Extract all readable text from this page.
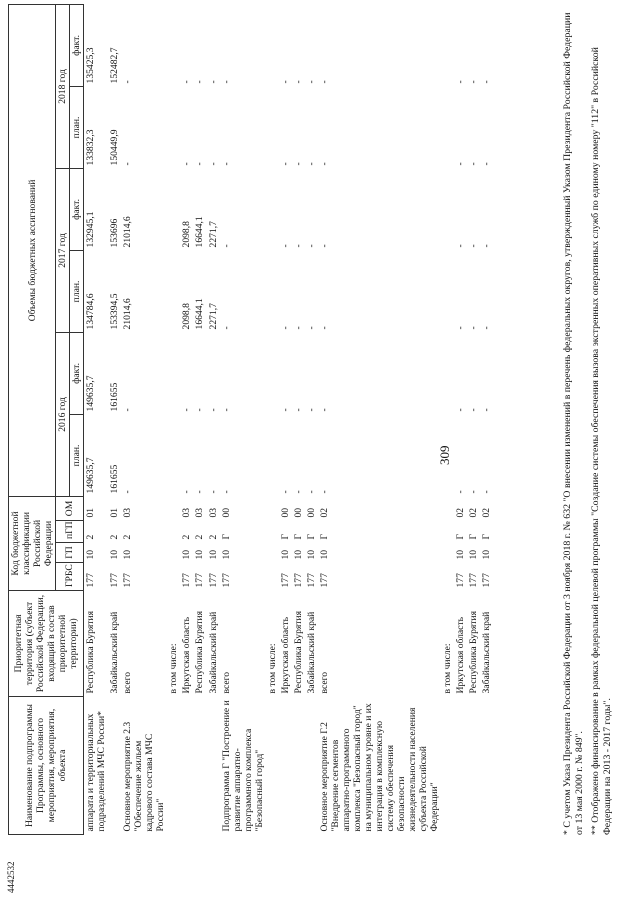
309
Наименование подпрограммы Программы, основного мероприятия, мероприятия, объекта	Приоритетная территория (субъект Российской Федерации, входящий в состав приоритетной территории)	Код бюджетной классификации Российской Федерации				Объемы бюджетных ассигнований					
		ГРБС	ГП	пГП	ОМ	2016 год		2017 год		2018 год	
						план.	факт.	план.	факт.	план.	факт.
аппарата и территориальных подразделений МЧС России*	Республика Бурятия	177	10	2	01	149635,7	149635,7	134784,6	132945,1	133832,3	135425,3
	Забайкальский край	177	10	2	01	161655	161655	153394,5	153696	150449,9	152482,7
Основное мероприятие 2.3 "Обеспечение жильем кадрового состава МЧС России"	всего	177	10	2	03	-	-	21014,6	21014,6	-	-
	в том числе:										
	Иркутская область	177	10	2	03	-	-	2098,8	2098,8	-	-
	Республика Бурятия	177	10	2	03	-	-	16644,1	16644,1	-	-
	Забайкальский край	177	10	2	03	-	-	2271,7	2271,7	-	-
Подпрограмма Г "Построение и развитие аппаратно-программного комплекса "Безопасный город"	всего	177	10	Г	00	-	-	-	-	-	-
	в том числе:										
	Иркутская область	177	10	Г	00	-	-	-	-	-	-
	Республика Бурятия	177	10	Г	00	-	-	-	-	-	-
	Забайкальский край	177	10	Г	00	-	-	-	-	-	-
Основное мероприятие Г.2 "Внедрение сегментов аппаратно-программного комплекса "Безопасный город" на муниципальном уровне и их интеграция в комплексную систему обеспечения безопасности жизнедеятельности населения субъекта Российской Федерации"	всего	177	10	Г	02	-	-	-	-	-	-
	в том числе:										
	Иркутская область	177	10	Г	02	-	-	-	-	-	-
	Республика Бурятия	177	10	Г	02	-	-	-	-	-	-
	Забайкальский край	177	10	Г	02	-	-	-	-	-	-	* С учетом Указа Президента Российской Федерации от 3 ноября 2018 г. № 632 "О внесении изменений в перечень федеральных округов, утвержденный Указом Президента Российской Федерации от 13 мая 2000 г. № 849". ** Отображено финансирование в рамках федеральной целевой программы "Создание системы обеспечения вызова экстренных оперативных служб по единому номеру "112" в Российской Федерации на 2013 - 2017 годы".
4442532
